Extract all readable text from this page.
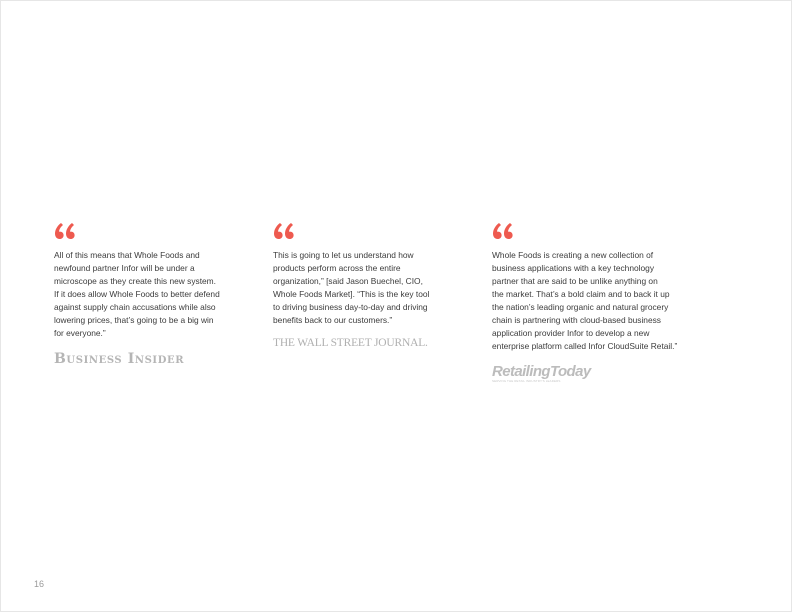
All of this means that Whole Foods and
newfound partner Infor will be under a
microscope as they create this new system.
If it does allow Whole Foods to better defend
against supply chain accusations while also
lowering prices, that’s going to be a big win
for everyone.”
Business Insider
This is going to let us understand how
products perform across the entire
organization,” [said Jason Buechel, CIO,
Whole Foods Market]. “This is the key tool
to driving business day-to-day and driving
benefits back to our customers.”
THE WALL STREET JOURNAL.
Whole Foods is creating a new collection of
business applications with a key technology
partner that are said to be unlike anything on
the market. That’s a bold claim and to back it up
the nation’s leading organic and natural grocery
chain is partnering with cloud-based business
application provider Infor to develop a new
enterprise platform called Infor CloudSuite Retail.”
RetailingToday
SERVING THE RETAIL INDUSTRY'S LEADERS
16
